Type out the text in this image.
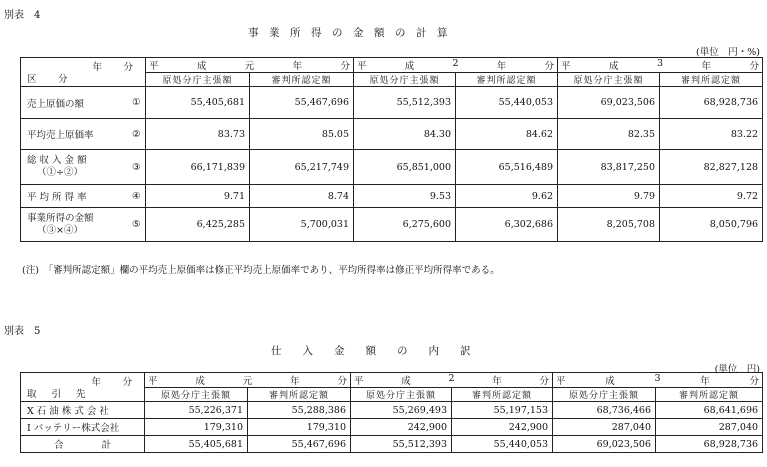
別表　4
事　業　所　得　の　金　額　の　計　算
(単位　円・%)
年　分
区　分		平 成 元 年 分		平 成 2 年 分		平 成 3 年 分	

		原処分庁主張額	審判所認定額	原処分庁主張額	審判所認定額	原処分庁主張額	審判所認定額
売上原価の額	①	55,405,681	55,467,696	55,512,393	55,440,053	69,023,506	68,928,736
平均売上原価率	②	83.73	85.05	84.30	84.62	82.35	83.22

総 収 入 金 額
（①÷②）	③	66,171,839	65,217,749	65,851,000	65,516,489	83,817,250	82,827,128
平 均 所 得 率	④	9.71	8.74	9.53	9.62	9.79	9.72

事業所得の金額
（③×④）	⑤	6,425,285	5,700,031	6,275,600	6,302,686	8,205,708	8,050,796
(注)　「審判所認定額」欄の平均売上原価率は修正平均売上原価率であり、平均所得率は修正平均所得率である。
別表　5
仕　　入　　金　　額　　の　　内　　訳
(単位　円)
年　分
取 引 先	平 成 元 年 分		平 成 2 年 分		平 成 3 年 分	

	原処分庁主張額	審判所認定額	原処分庁主張額	審判所認定額	原処分庁主張額	審判所認定額
X 石 油 株 式 会 社	55,226,371	55,288,386	55,269,493	55,197,153	68,736,466	68,641,696
I バッテリー株式会社	179,310	179,310	242,900	242,900	287,040	287,040
合　　　　計	55,405,681	55,467,696	55,512,393	55,440,053	69,023,506	68,928,736
